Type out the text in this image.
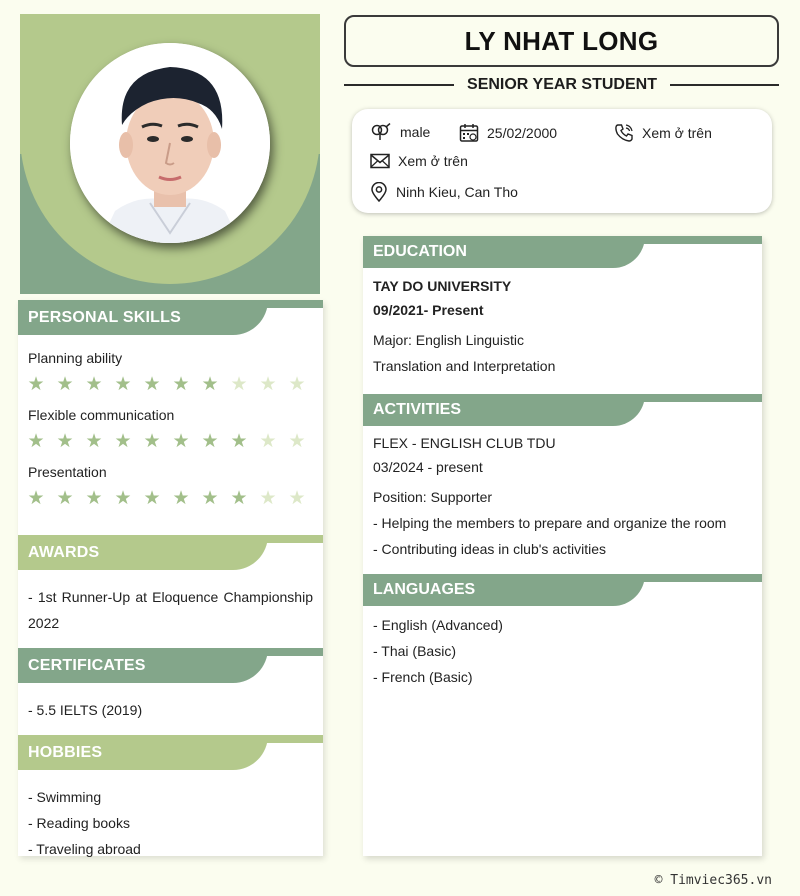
PERSONAL SKILLS
Planning ability
★ ★ ★ ★ ★ ★ ★ ★ ★ ★
Flexible communication
★ ★ ★ ★ ★ ★ ★ ★ ★ ★
Presentation
★ ★ ★ ★ ★ ★ ★ ★ ★ ★
AWARDS
- 1st Runner-Up at Eloquence Championship 2022
CERTIFICATES
- 5.5 IELTS (2019)
HOBBIES
- Swimming
- Reading books
- Traveling abroad
LY NHAT LONG
SENIOR YEAR STUDENT
male	25/02/2000	Xem ở trên
Xem ở trên
Ninh Kieu, Can Tho
EDUCATION
TAY DO UNIVERSITY
09/2021- Present
Major: English Linguistic
Translation and Interpretation
ACTIVITIES
FLEX - ENGLISH CLUB TDU
03/2024 - present
Position: Supporter
- Helping the members to prepare and organize the room
- Contributing ideas in club's activities
LANGUAGES
- English (Advanced)
- Thai (Basic)
- French (Basic)
© Timviec365.vn
